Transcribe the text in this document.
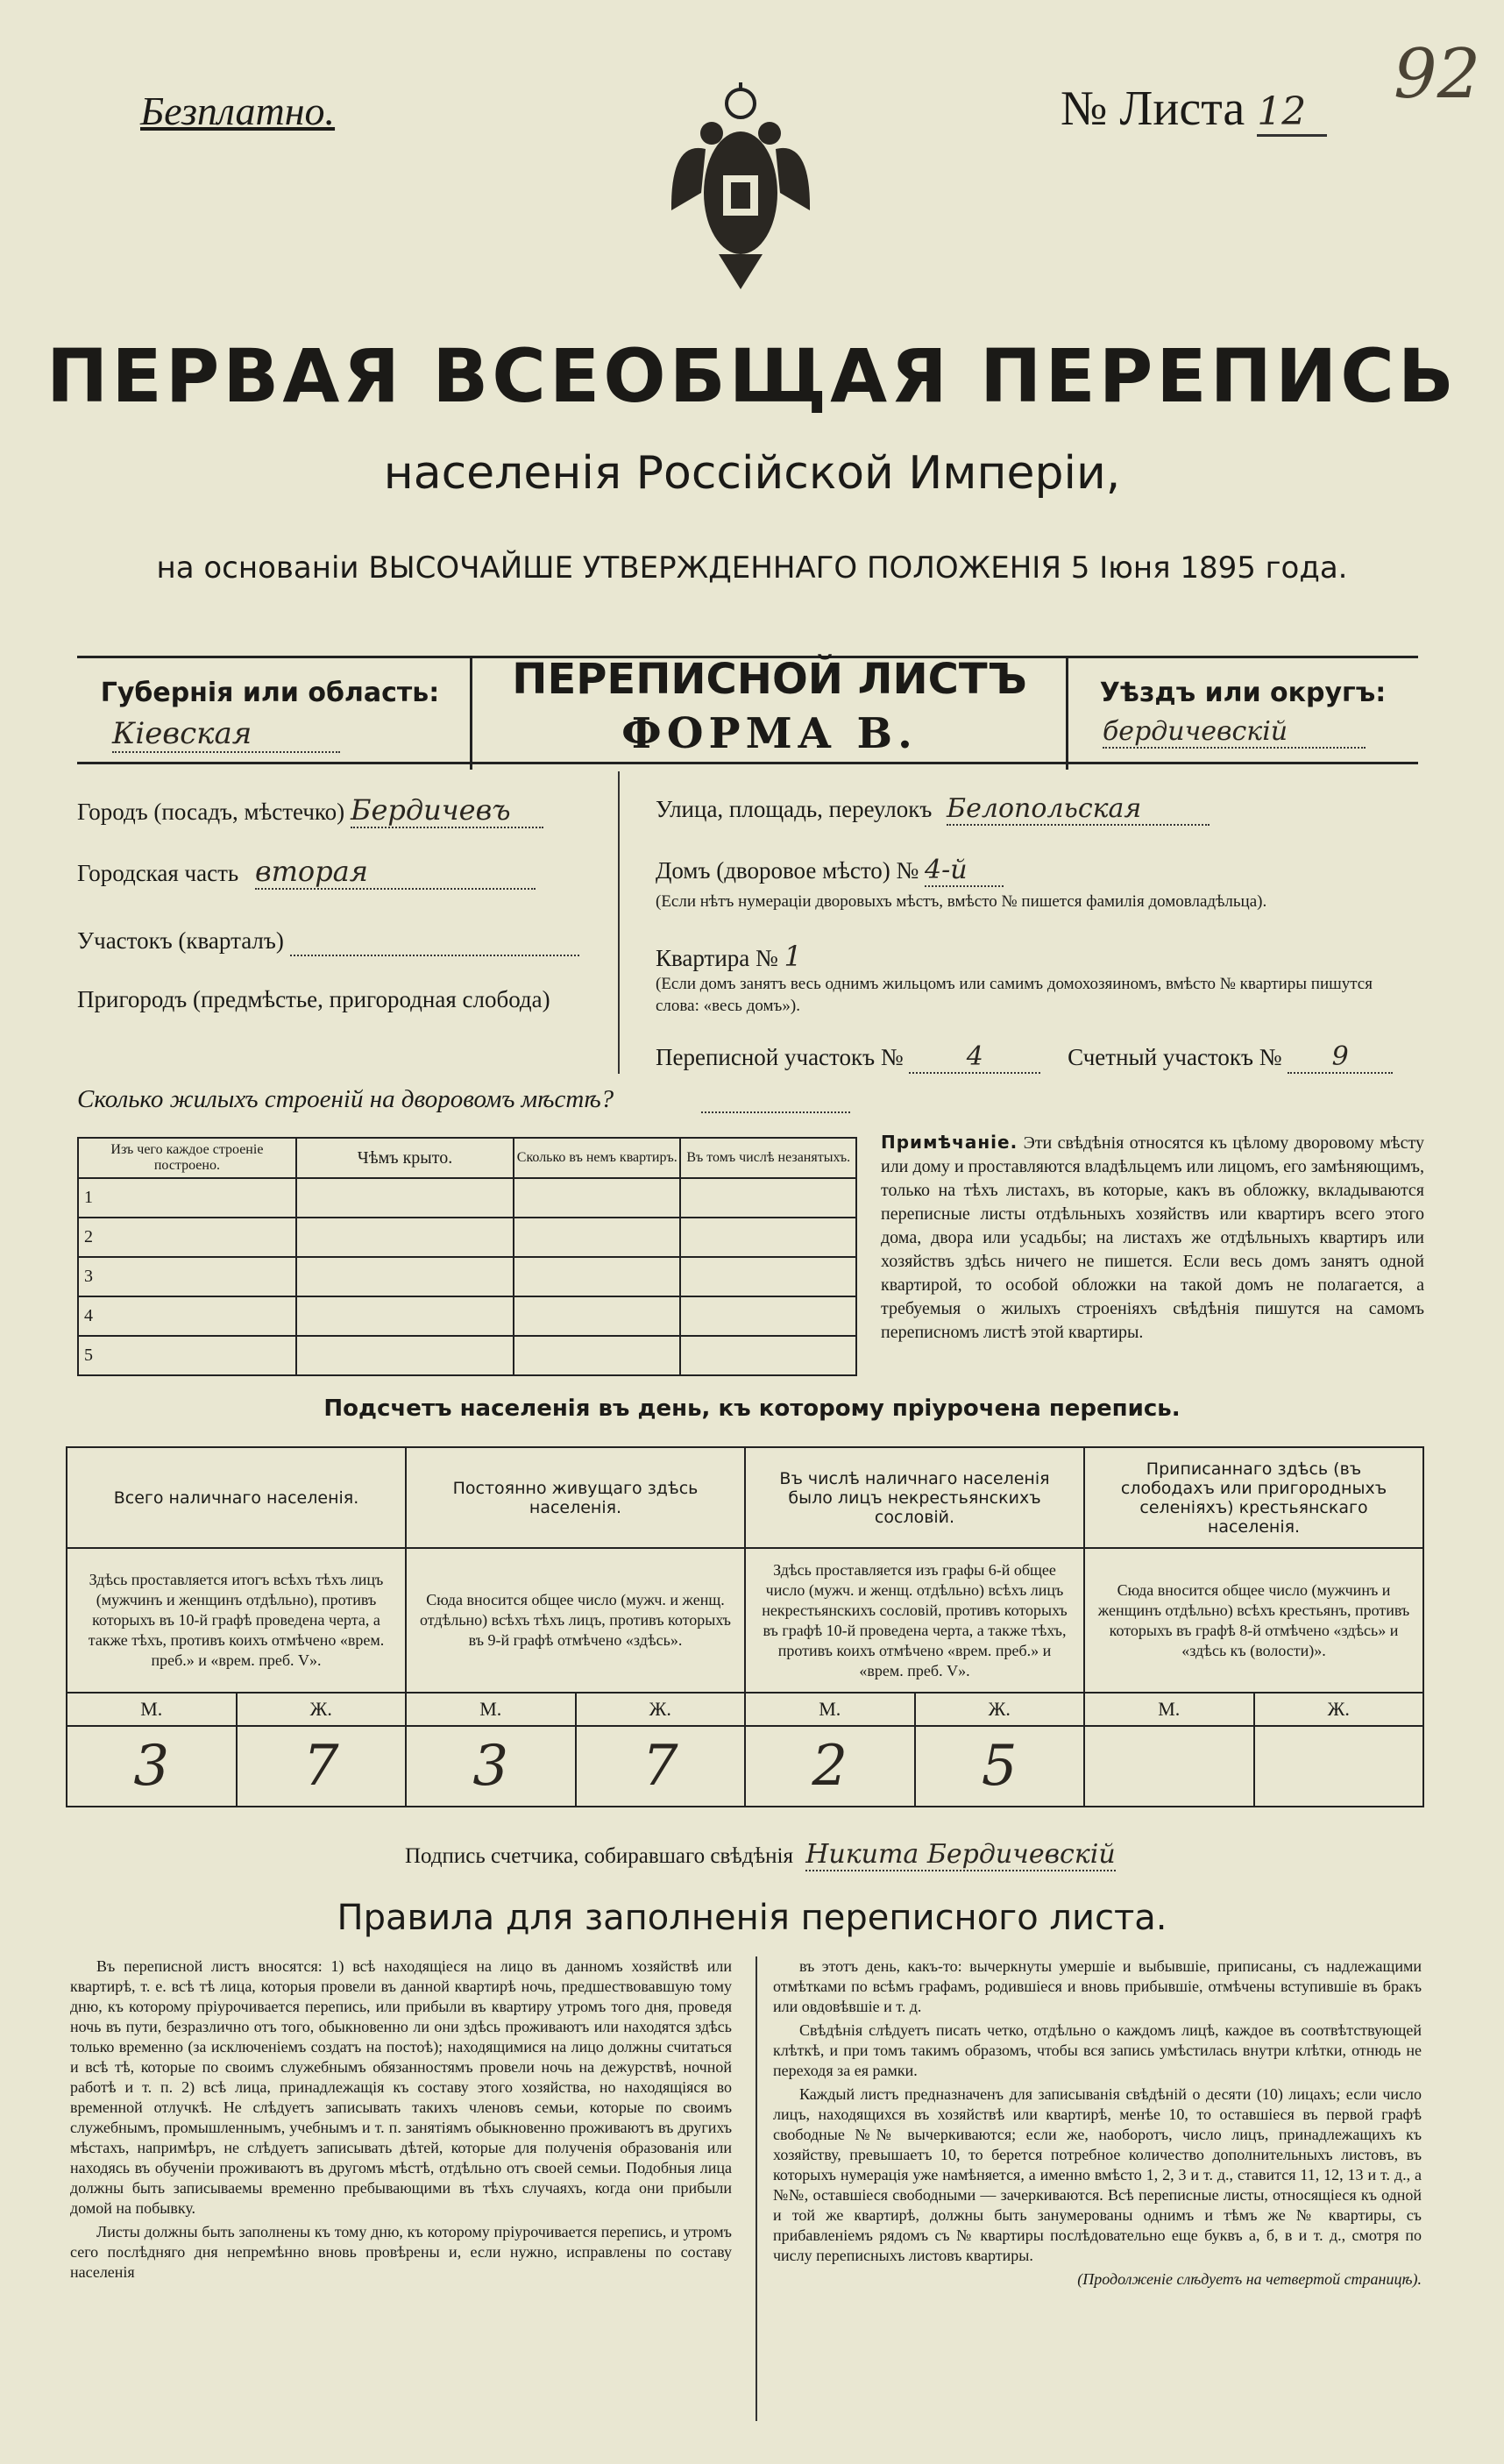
Безплатно.	№ Листа 12	92
ПЕРВАЯ ВСЕОБЩАЯ ПЕРЕПИСЬ
населенія Россійской Имперіи,
на основаніи ВЫСОЧАЙШЕ УТВЕРЖДЕННАГО ПОЛОЖЕНІЯ 5 Іюня 1895 года.
Губернія или область:
Кіевская
ПЕРЕПИСНОЙ ЛИСТЪ
ФОРМА В.
Уѣздъ или округъ:
бердичевскій
Городъ (посадъ, мѣстечко) Бердичевъ
Городская часть вторая
Участокъ (кварталъ)
Пригородъ (предмѣстье, пригородная слобода)
Улица, площадь, переулокъ Белопольская
Домъ (дворовое мѣсто) № 4-й
(Если нѣтъ нумераціи дворовыхъ мѣстъ, вмѣсто № пишется фамилія домовладѣльца).
Квартира № 1
(Если домъ занятъ весь однимъ жильцомъ или самимъ домохозяиномъ, вмѣсто № квартиры пишутся слова: «весь домъ»).
Переписной участокъ № 4	Счетный участокъ № 9
Сколько жилыхъ строеній на дворовомъ мѣстѣ?
Изъ чего каждое строеніе построено.	Чѣмъ крыто.	Сколько въ немъ квартиръ.	Въ томъ числѣ незанятыхъ.
1			
2			
3			
4			
5			
Примѣчаніе. Эти свѣдѣнія относятся къ цѣлому дворовому мѣсту или дому и проставляются владѣльцемъ или лицомъ, его замѣняющимъ, только на тѣхъ листахъ, въ которые, какъ въ обложку, вкладываются переписные листы отдѣльныхъ хозяйствъ или квартиръ всего этого дома, двора или усадьбы; на листахъ же отдѣльныхъ квартиръ или хозяйствъ здѣсь ничего не пишется. Если весь домъ занятъ одной квартирой, то особой обложки на такой домъ не полагается, а требуемыя о жилыхъ строеніяхъ свѣдѣнія пишутся на самомъ переписномъ листѣ этой квартиры.
Подсчетъ населенія въ день, къ которому пріурочена перепись.
Всего наличнаго населенія.		Постоянно живущаго здѣсь населенія.		Въ числѣ наличнаго населенія было лицъ некрестьянскихъ сословій.		Приписаннаго здѣсь (въ слободахъ или пригородныхъ селеніяхъ) крестьянскаго населенія.	
Здѣсь проставляется итогъ всѣхъ тѣхъ лицъ (мужчинъ и женщинъ отдѣльно), противъ которыхъ въ 10-й графѣ проведена черта, а также тѣхъ, противъ коихъ отмѣчено «врем. преб.» и «врем. преб. V».		Сюда вносится общее число (мужч. и женщ. отдѣльно) всѣхъ тѣхъ лицъ, противъ которыхъ въ 9-й графѣ отмѣчено «здѣсь».		Здѣсь проставляется изъ графы 6-й общее число (мужч. и женщ. отдѣльно) всѣхъ лицъ некрестьянскихъ сословій, противъ которыхъ въ графѣ 10-й проведена черта, а также тѣхъ, противъ коихъ отмѣчено «врем. преб.» и «врем. преб. V».		Сюда вносится общее число (мужчинъ и женщинъ отдѣльно) всѣхъ крестьянъ, противъ которыхъ въ графѣ 8-й отмѣчено «здѣсь» и «здѣсь къ (волости)».	
М.	Ж.	М.	Ж.	М.	Ж.	М.	Ж.
3	7	3	7	2	5		
Подпись счетчика, собиравшаго свѣдѣнія Никита Бердичевскій
Правила для заполненія переписного листа.

Въ переписной листъ вносятся: 1) всѣ находящіеся на лицо въ данномъ хозяйствѣ или квартирѣ, т. е. всѣ тѣ лица, которыя провели въ данной квартирѣ ночь, предшествовавшую тому дню, къ которому пріурочивается перепись, или прибыли въ квартиру утромъ того дня, проведя ночь въ пути, безразлично отъ того, обыкновенно ли они здѣсь проживаютъ или находятся здѣсь только временно (за исключеніемъ создатъ на постоѣ); находящимися на лицо должны считаться и всѣ тѣ, которые по своимъ служебнымъ обязанностямъ провели ночь на дежурствѣ, ночной работѣ и т. п. 2) всѣ лица, принадлежащія къ составу этого хозяйства, но находящіяся во временной отлучкѣ. Не слѣдуетъ записывать такихъ членовъ семьи, которые по своимъ служебнымъ, промышленнымъ, учебнымъ и т. п. занятіямъ обыкновенно проживаютъ въ другихъ мѣстахъ, напримѣръ, не слѣдуетъ записывать дѣтей, которые для полученія образованія или находясь въ обученіи проживаютъ въ другомъ мѣстѣ, отдѣльно отъ своей семьи. Подобныя лица должны быть записываемы временно пребывающими въ тѣхъ случаяхъ, когда они прибыли домой на побывку.

Листы должны быть заполнены къ тому дню, къ которому пріурочивается перепись, и утромъ сего послѣдняго дня непремѣнно вновь провѣрены и, если нужно, исправлены по составу населенія

въ этотъ день, какъ-то: вычеркнуты умершіе и выбывшіе, приписаны, съ надлежащими отмѣтками по всѣмъ графамъ, родившіеся и вновь прибывшіе, отмѣчены вступившіе въ бракъ или овдовѣвшіе и т. д.

Свѣдѣнія слѣдуетъ писать четко, отдѣльно о каждомъ лицѣ, каждое въ соотвѣтствующей клѣткѣ, и при томъ такимъ образомъ, чтобы вся запись умѣстилась внутри клѣтки, отнюдь не переходя за ея рамки.

Каждый листъ предназначенъ для записыванія свѣдѣній о десяти (10) лицахъ; если число лицъ, находящихся въ хозяйствѣ или квартирѣ, менѣе 10, то оставшіеся въ первой графѣ свободные №№ вычеркиваются; если же, наоборотъ, число лицъ, принадлежащихъ къ хозяйству, превышаетъ 10, то берется потребное количество дополнительныхъ листовъ, въ которыхъ нумерація уже намѣняется, а именно вмѣсто 1, 2, 3 и т. д., ставится 11, 12, 13 и т. д., а №№, оставшіеся свободными — зачеркиваются. Всѣ переписные листы, относящіеся къ одной и той же квартирѣ, должны быть занумерованы однимъ и тѣмъ же № квартиры, съ прибавленіемъ рядомъ съ № квартиры послѣдовательно еще буквъ а, б, в и т. д., смотря по числу переписныхъ листовъ квартиры.

(Продолженіе слѣдуетъ на четвертой страницѣ).
